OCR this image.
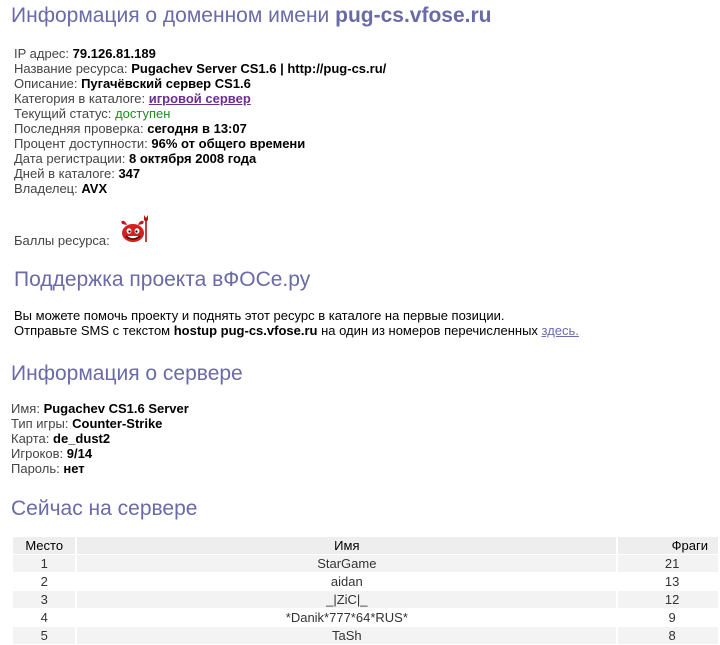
Информация о доменном имени pug-cs.vfose.ru
IP адрес: 79.126.81.189
Название ресурса: Pugachev Server CS1.6 | http://pug-cs.ru/
Описание: Пугачёвский сервер CS1.6
Категория в каталоге: игровой сервер
Текущий статус: доступен
Последняя проверка: сегодня в 13:07
Процент доступности: 96% от общего времени
Дата регистрации: 8 октября 2008 года
Дней в каталоге: 347
Владелец: AVX
Баллы ресурса:
Поддержка проекта вФОСе.ру
Вы можете помочь проекту и поднять этот ресурс в каталоге на первые позиции.
Отправьте SMS с текстом hostup pug-cs.vfose.ru на один из номеров перечисленных здесь.
Информация о сервере
Имя: Pugachev CS1.6 Server
Тип игры: Counter-Strike
Карта: de_dust2
Игроков: 9/14
Пароль: нет
Сейчас на сервере
Место	Имя	Фраги
1	StarGame	21
2	aidan	13
3	_|ZiC|_	12
4	*Danik*777*64*RUS*	9
5	TaSh	8
